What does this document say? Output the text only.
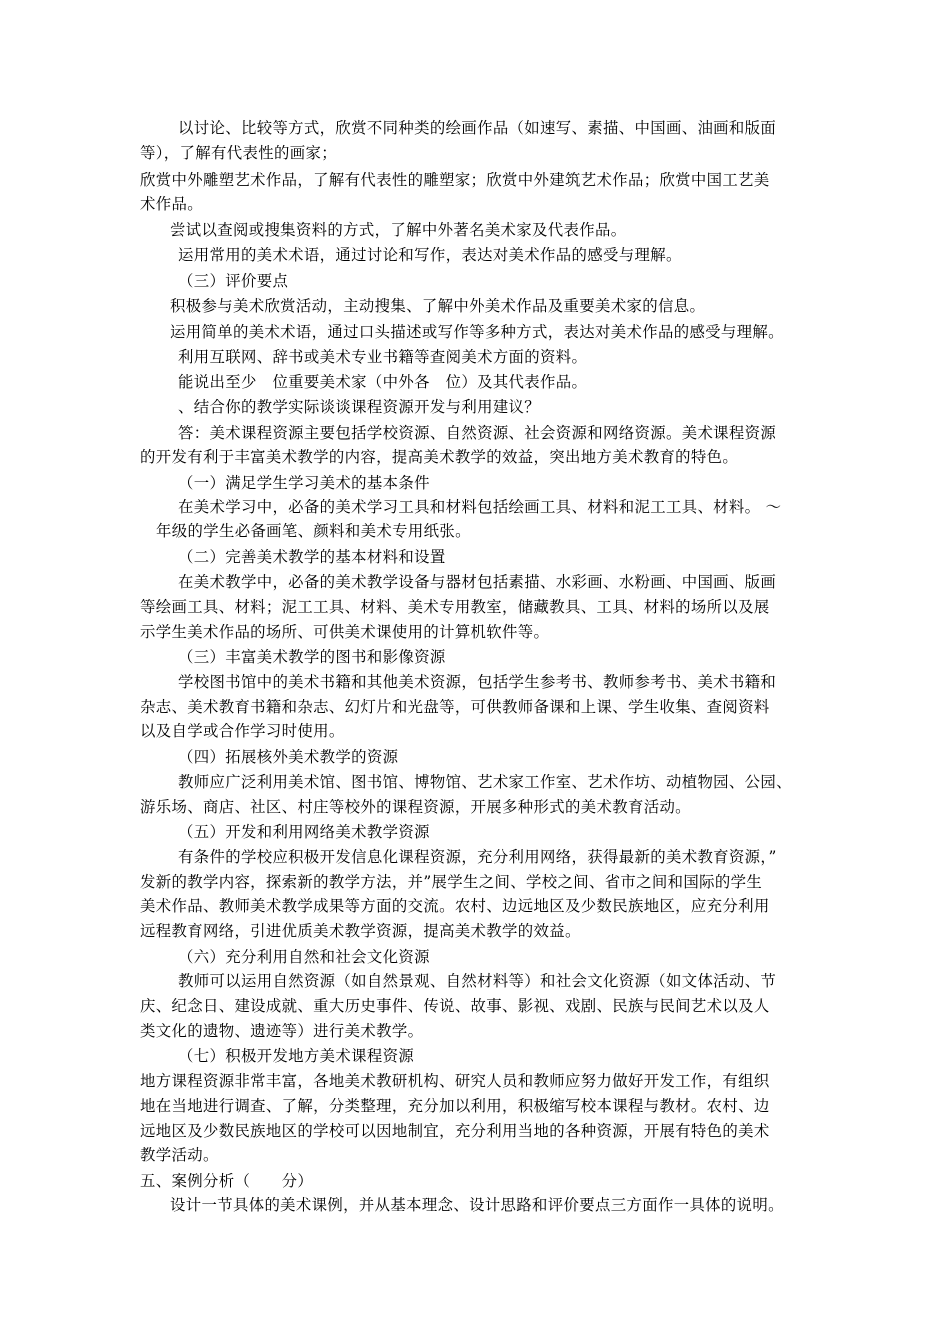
以讨论、比较等方式，欣赏不同种类的绘画作品（如速写、素描、中国画、油画和版面
等），了解有代表性的画家；
欣赏中外雕塑艺术作品，了解有代表性的雕塑家；欣赏中外建筑艺术作品；欣赏中国工艺美
术作品。
尝试以查阅或搜集资料的方式，了解中外著名美术家及代表作品。
运用常用的美术术语，通过讨论和写作，表达对美术作品的感受与理解。
（三）评价要点
积极参与美术欣赏活动，主动搜集、了解中外美术作品及重要美术家的信息。
运用简单的美术术语，通过口头描述或写作等多种方式，表达对美术作品的感受与理解。
利用互联网、辞书或美术专业书籍等查阅美术方面的资料。
能说出至少　位重要美术家（中外各　位）及其代表作品。
、结合你的教学实际谈谈课程资源开发与利用建议？
答：美术课程资源主要包括学校资源、自然资源、社会资源和网络资源。美术课程资源
的开发有利于丰富美术教学的内容，提高美术教学的效益，突出地方美术教育的特色。
（一）满足学生学习美术的基本条件
在美术学习中，必备的美术学习工具和材料包括绘画工具、材料和泥工工具、材料。 ～
年级的学生必备画笔、颜料和美术专用纸张。
（二）完善美术教学的基本材料和设置
在美术教学中，必备的美术教学设备与器材包括素描、水彩画、水粉画、中国画、版画
等绘画工具、材料；泥工工具、材料、美术专用教室，储藏教具、工具、材料的场所以及展
示学生美术作品的场所、可供美术课使用的计算机软件等。
（三）丰富美术教学的图书和影像资源
学校图书馆中的美术书籍和其他美术资源，包括学生参考书、教师参考书、美术书籍和
杂志、美术教育书籍和杂志、幻灯片和光盘等，可供教师备课和上课、学生收集、查阅资料
以及自学或合作学习时使用。
（四）拓展核外美术教学的资源
教师应广泛利用美术馆、图书馆、博物馆、艺术家工作室、艺术作坊、动植物园、公园、
游乐场、商店、社区、村庄等校外的课程资源，开展多种形式的美术教育活动。
（五）开发和利用网络美术教学资源
有条件的学校应积极开发信息化课程资源，充分利用网络，获得最新的美术教育资源，”
发新的教学内容，探索新的教学方法，并”展学生之间、学校之间、省市之间和国际的学生
美术作品、教师美术教学成果等方面的交流。农村、边远地区及少数民族地区，应充分利用
远程教育网络，引进优质美术教学资源，提高美术教学的效益。
（六）充分利用自然和社会文化资源
教师可以运用自然资源（如自然景观、自然材料等）和社会文化资源（如文体活动、节
庆、纪念日、建设成就、重大历史事件、传说、故事、影视、戏剧、民族与民间艺术以及人
类文化的遗物、遗迹等）进行美术教学。
（七）积极开发地方美术课程资源
地方课程资源非常丰富，各地美术教研机构、研究人员和教师应努力做好开发工作，有组织
地在当地进行调查、了解，分类整理，充分加以利用，积极缩写校本课程与教材。农村、边
远地区及少数民族地区的学校可以因地制宜，充分利用当地的各种资源，开展有特色的美术
教学活动。
五、案例分析（　　分）
设计一节具体的美术课例，并从基本理念、设计思路和评价要点三方面作一具体的说明。
